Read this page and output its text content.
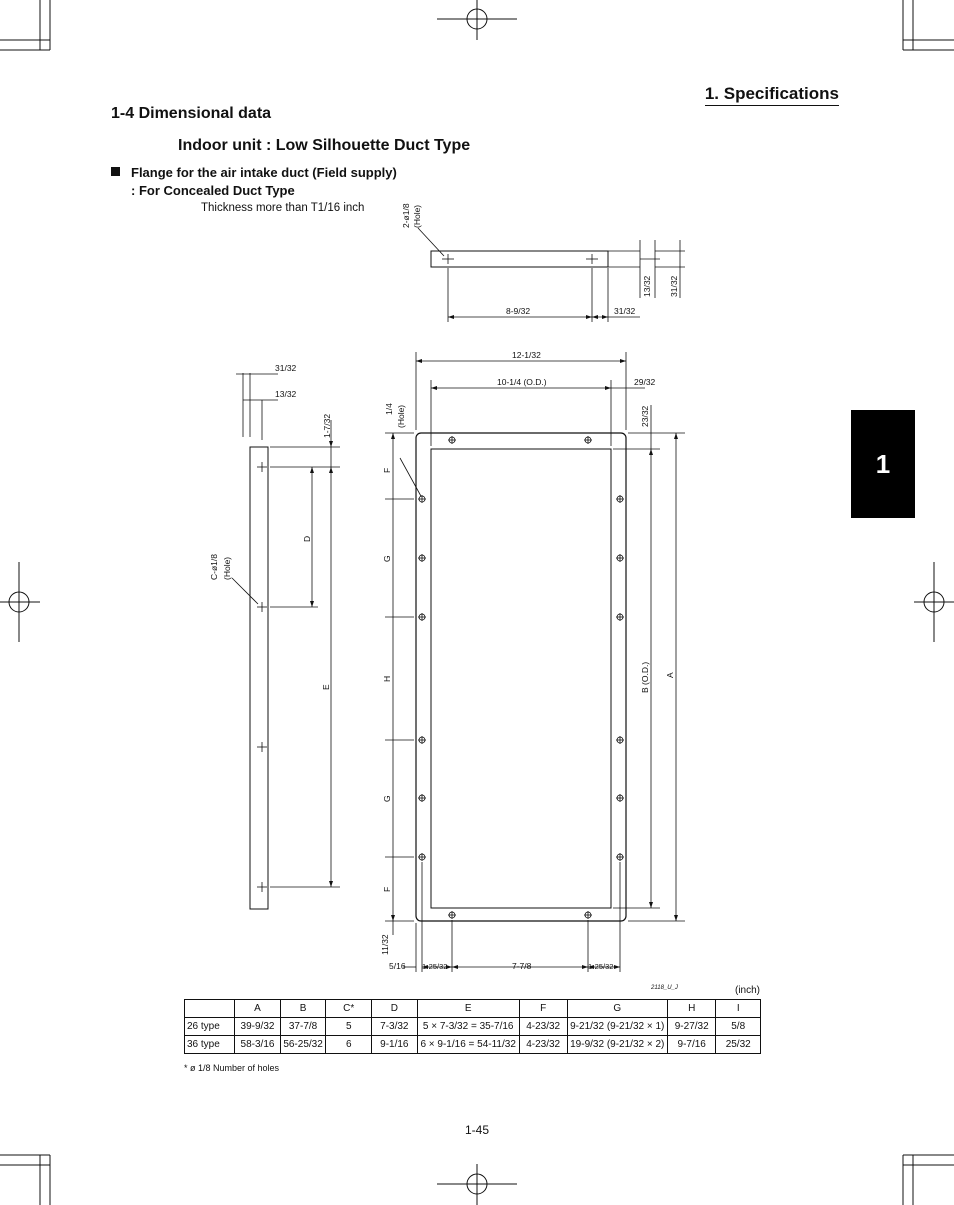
1. Specifications
1-4 Dimensional data
Indoor unit : Low Silhouette Duct Type
Flange for the air intake duct (Field supply)
: For Concealed Duct Type
Thickness more than T1/16 inch
1
2-ø1/8 (Hole)
8-9/32	31/32
13/32 31/32
31/32
13/32
1-7/32
D
E
C-ø1/8 (Hole)
12-1/32
10-1/4 (O.D.)	29/32
23/32
1/4 (Hole)
F
G
H
G
F
B (O.D.) A
11/32
5/16 1-25/32	7-7/8	1-25/32
2118_U_J	(inch)
	A	B	C*	D	E	F	G	H	I
26 type	39-9/32	37-7/8	5	7-3/32	5 × 7-3/32 = 35-7/16	4-23/32	9-21/32 (9-21/32 × 1)	9-27/32	5/8
36 type	58-3/16	56-25/32	6	9-1/16	6 × 9-1/16 = 54-11/32	4-23/32	19-9/32 (9-21/32 × 2)	9-7/16	25/32
* ø 1/8 Number of holes
1-45
